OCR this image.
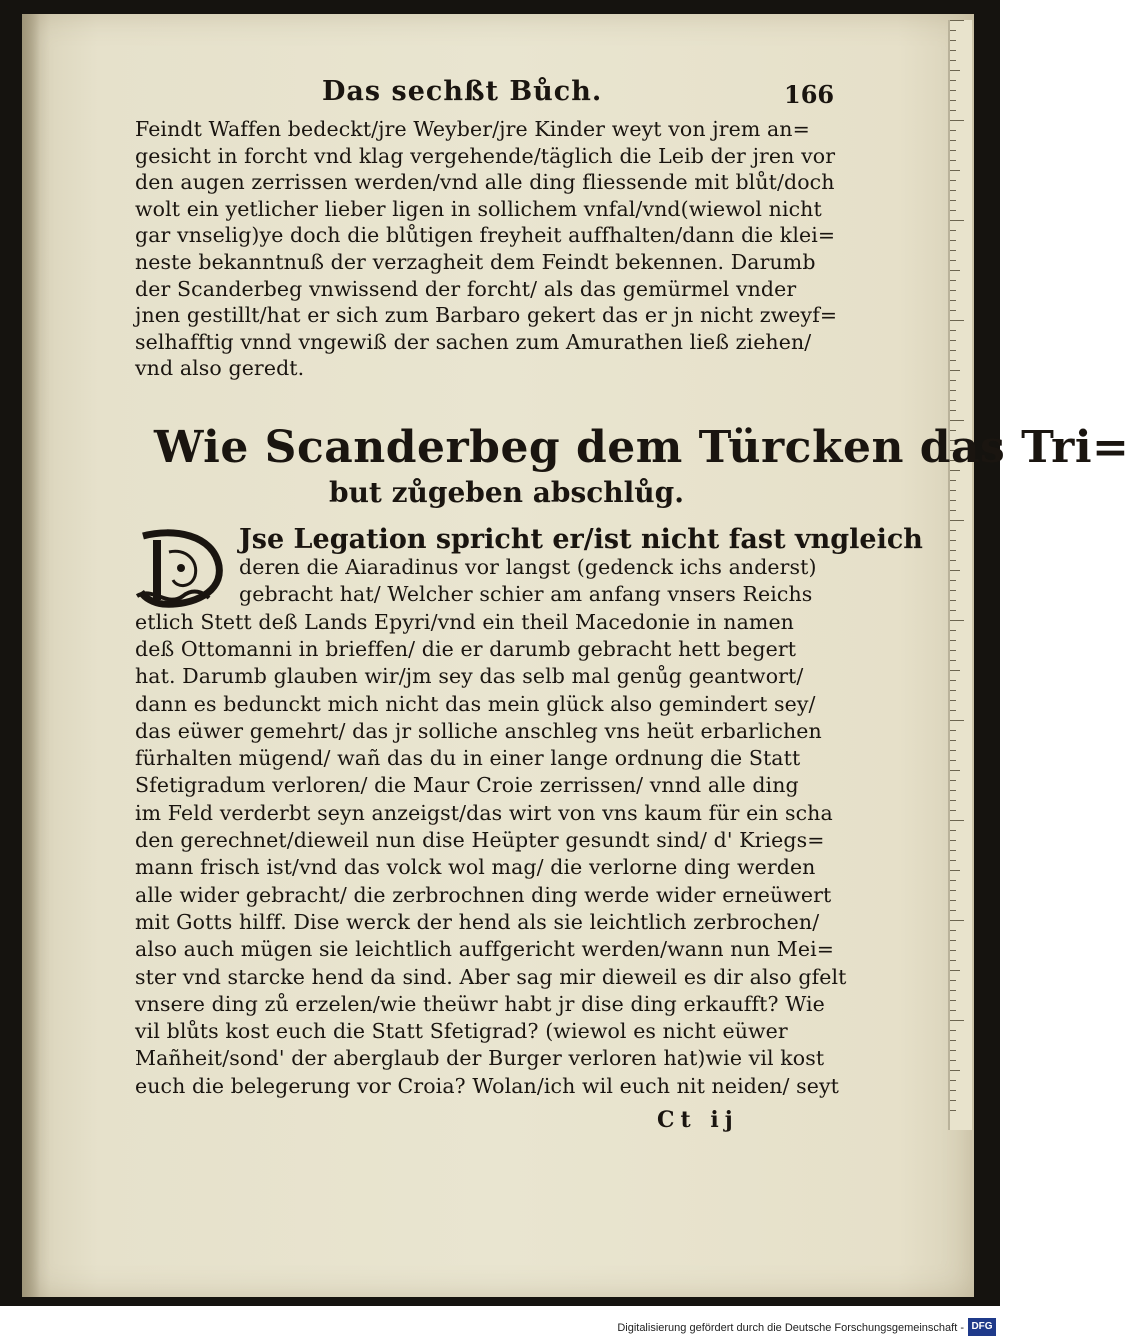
Das sechßt Bůch.	166
Feindt Waffen bedeckt/jre Weyber/jre Kinder weyt von jrem an=
gesicht in forcht vnd klag vergehende/täglich die Leib der jren vor
den augen zerrissen werden/vnd alle ding fliessende mit blůt/doch
wolt ein yetlicher lieber ligen in sollichem vnfal/vnd(wiewol nicht
gar vnselig)ye doch die blůtigen freyheit auffhalten/dann die klei=
neste bekanntnuß der verzagheit dem Feindt bekennen. Darumb
der Scanderbeg vnwissend der forcht/ als das gemürmel vnder
jnen gestillt/hat er sich zum Barbaro gekert das er jn nicht zweyf=
selhafftig vnnd vngewiß der sachen zum Amurathen ließ ziehen/
vnd also geredt.
Wie Scanderbeg dem Türcken das Tri=
but zůgeben abschlůg.
Jse Legation spricht er/ist nicht fast vngleich
deren die Aiaradinus vor langst (gedenck ichs anderst)
gebracht hat/ Welcher schier am anfang vnsers Reichs
etlich Stett deß Lands Epyri/vnd ein theil Macedonie in namen
deß Ottomanni in brieffen/ die er darumb gebracht hett begert
hat. Darumb glauben wir/jm sey das selb mal genůg geantwort/
dann es bedunckt mich nicht das mein glück also gemindert sey/
das eüwer gemehrt/ das jr solliche anschleg vns heüt erbarlichen
fürhalten mügend/ wañ das du in einer lange ordnung die Statt
Sfetigradum verloren/ die Maur Croie zerrissen/ vnnd alle ding
im Feld verderbt seyn anzeigst/das wirt von vns kaum für ein scha
den gerechnet/dieweil nun dise Heüpter gesundt sind/ d' Kriegs=
mann frisch ist/vnd das volck wol mag/ die verlorne ding werden
alle wider gebracht/ die zerbrochnen ding werde wider erneüwert
mit Gotts hilff. Dise werck der hend als sie leichtlich zerbrochen/
also auch mügen sie leichtlich auffgericht werden/wann nun Mei=
ster vnd starcke hend da sind. Aber sag mir dieweil es dir also gfelt
vnsere ding zů erzelen/wie theüwr habt jr dise ding erkaufft? Wie
vil blůts kost euch die Statt Sfetigrad? (wiewol es nicht eüwer
Mañheit/sond' der aberglaub der Burger verloren hat)wie vil kost
euch die belegerung vor Croia? Wolan/ich wil euch nit neiden/ seyt
Ct ij
Digitalisierung gefördert durch die Deutsche Forschungsgemeinschaft - DFG
